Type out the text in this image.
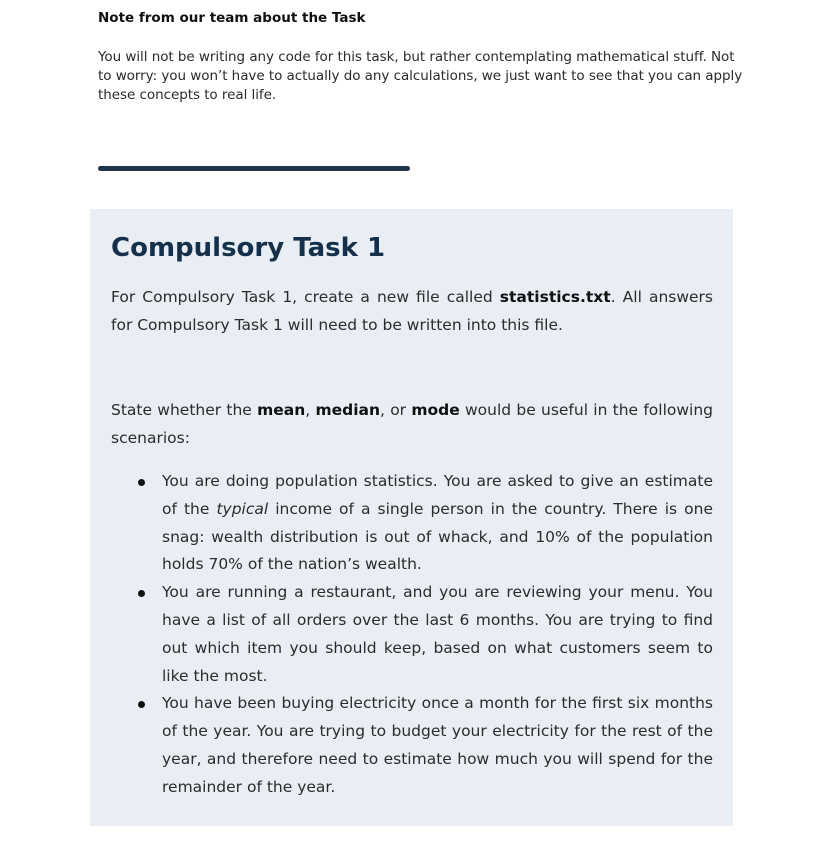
Note from our team about the Task

You will not be writing any code for this task, but rather contemplating mathematical stuff. Not to worry: you won’t have to actually do any calculations, we just want to see that you can apply these concepts to real life.

Compulsory Task 1

For Compulsory Task 1, create a new file called statistics.txt. All answers for Compulsory Task 1 will need to be written into this file.

State whether the mean, median, or mode would be useful in the following scenarios:

You are doing population statistics. You are asked to give an estimate of the typical income of a single person in the country. There is one snag: wealth distribution is out of whack, and 10% of the population holds 70% of the nation’s wealth.
You are running a restaurant, and you are reviewing your menu. You have a list of all orders over the last 6 months. You are trying to find out which item you should keep, based on what customers seem to like the most.
You have been buying electricity once a month for the first six months of the year. You are trying to budget your electricity for the rest of the year, and therefore need to estimate how much you will spend for the remainder of the year.
